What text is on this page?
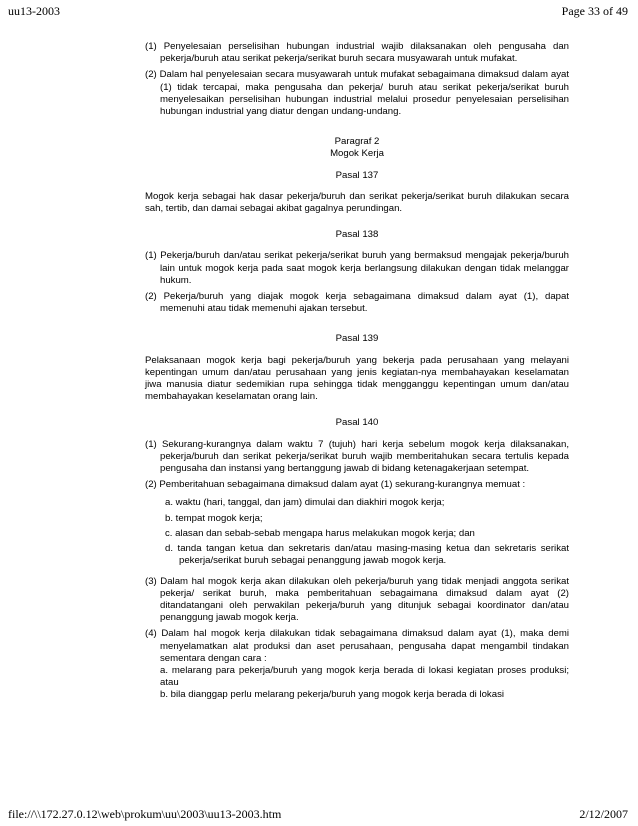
uu13-2003	Page 33 of 49

(1) Penyelesaian perselisihan hubungan industrial wajib dilaksanakan oleh pengusaha dan pekerja/buruh atau serikat pekerja/serikat buruh secara musyawarah untuk mufakat.

(2) Dalam hal penyelesaian secara musyawarah untuk mufakat sebagaimana dimaksud dalam ayat (1) tidak tercapai, maka pengusaha dan pekerja/ buruh atau serikat pekerja/serikat buruh menyelesaikan perselisihan hubungan industrial melalui prosedur penyelesaian perselisihan hubungan industrial yang diatur dengan undang-undang.

Paragraf 2

Mogok Kerja

Pasal 137

Mogok kerja sebagai hak dasar pekerja/buruh dan serikat pekerja/serikat buruh dilakukan secara sah, tertib, dan damai sebagai akibat gagalnya perundingan.

Pasal 138

(1) Pekerja/buruh dan/atau serikat pekerja/serikat buruh yang bermaksud mengajak pekerja/buruh lain untuk mogok kerja pada saat mogok kerja berlangsung dilakukan dengan tidak melanggar hukum.

(2) Pekerja/buruh yang diajak mogok kerja sebagaimana dimaksud dalam ayat (1), dapat memenuhi atau tidak memenuhi ajakan tersebut.

Pasal 139

Pelaksanaan mogok kerja bagi pekerja/buruh yang bekerja pada perusahaan yang melayani kepentingan umum dan/atau perusahaan yang jenis kegiatan-nya membahayakan keselamatan jiwa manusia diatur sedemikian rupa sehingga tidak mengganggu kepentingan umum dan/atau membahayakan keselamatan orang lain.

Pasal 140

(1) Sekurang-kurangnya dalam waktu 7 (tujuh) hari kerja sebelum mogok kerja dilaksanakan, pekerja/buruh dan serikat pekerja/serikat buruh wajib memberitahukan secara tertulis kepada pengusaha dan instansi yang bertanggung jawab di bidang ketenagakerjaan setempat.

(2) Pemberitahuan sebagaimana dimaksud dalam ayat (1) sekurang-kurangnya memuat :

a. waktu (hari, tanggal, dan jam) dimulai dan diakhiri mogok kerja;
b. tempat mogok kerja;
c. alasan dan sebab-sebab mengapa harus melakukan mogok kerja; dan
d. tanda tangan ketua dan sekretaris dan/atau masing-masing ketua dan sekretaris serikat pekerja/serikat buruh sebagai penanggung jawab mogok kerja.

(3) Dalam hal mogok kerja akan dilakukan oleh pekerja/buruh yang tidak menjadi anggota serikat pekerja/ serikat buruh, maka pemberitahuan sebagaimana dimaksud dalam ayat (2) ditandatangani oleh perwakilan pekerja/buruh yang ditunjuk sebagai koordinator dan/atau penanggung jawab mogok kerja.

(4) Dalam hal mogok kerja dilakukan tidak sebagaimana dimaksud dalam ayat (1), maka demi menyelamatkan alat produksi dan aset perusahaan, pengusaha dapat mengambil tindakan sementara dengan cara :

a. melarang para pekerja/buruh yang mogok kerja berada di lokasi kegiatan proses produksi; atau

b. bila dianggap perlu melarang pekerja/buruh yang mogok kerja berada di lokasi

file://\\172.27.0.12\web\prokum\uu\2003\uu13-2003.htm	2/12/2007
